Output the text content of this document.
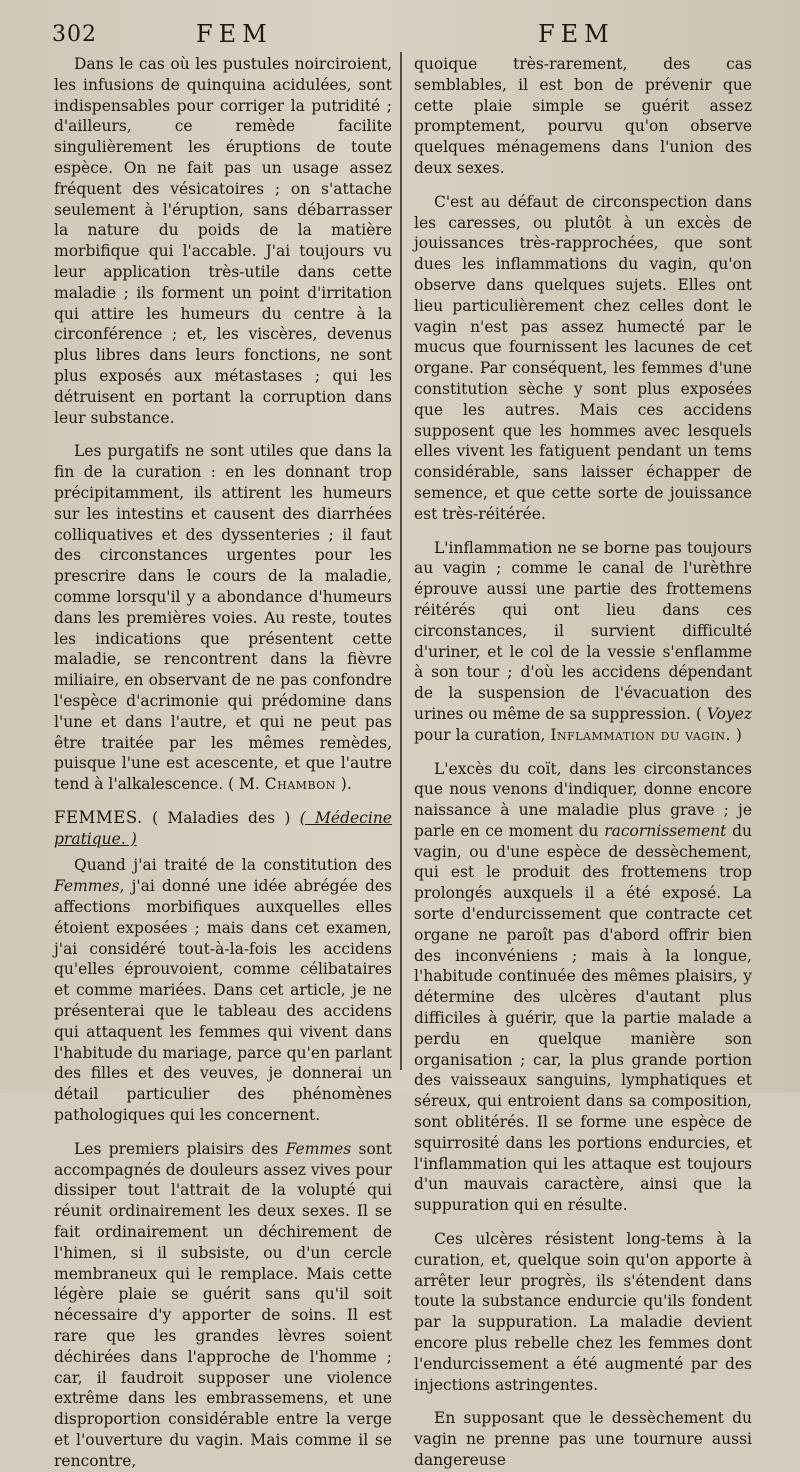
302	FEM	FEM

Dans le cas où les pustules noirciroient, les infusions de quinquina acidulées, sont indispensables pour corriger la putridité ; d'ailleurs, ce remède facilite singulièrement les éruptions de toute espèce. On ne fait pas un usage assez fréquent des vésicatoires ; on s'attache seulement à l'éruption, sans débarrasser la nature du poids de la matière morbifique qui l'accable. J'ai toujours vu leur application très-utile dans cette maladie ; ils forment un point d'irritation qui attire les humeurs du centre à la circonférence ; et, les viscères, devenus plus libres dans leurs fonctions, ne sont plus exposés aux métastases ; qui les détruisent en portant la corruption dans leur substance.

Les purgatifs ne sont utiles que dans la fin de la curation : en les donnant trop précipitamment, ils attirent les humeurs sur les intestins et causent des diarrhées colliquatives et des dyssenteries ; il faut des circonstances urgentes pour les prescrire dans le cours de la maladie, comme lorsqu'il y a abondance d'humeurs dans les premières voies. Au reste, toutes les indications que présentent cette maladie, se rencontrent dans la fièvre miliaire, en observant de ne pas confondre l'espèce d'acrimonie qui prédomine dans l'une et dans l'autre, et qui ne peut pas être traitée par les mêmes remèdes, puisque l'une est acescente, et que l'autre tend à l'alkalescence. ( M. Chambon ).

FEMMES. ( Maladies des ) ( Médecine pratique. )

Quand j'ai traité de la constitution des Femmes, j'ai donné une idée abrégée des affections morbifiques auxquelles elles étoient exposées ; mais dans cet examen, j'ai considéré tout-à-la-fois les accidens qu'elles éprouvoient, comme célibataires et comme mariées. Dans cet article, je ne présenterai que le tableau des accidens qui attaquent les femmes qui vivent dans l'habitude du mariage, parce qu'en parlant des filles et des veuves, je donnerai un détail particulier des phénomènes pathologiques qui les concernent.

Les premiers plaisirs des Femmes sont accompagnés de douleurs assez vives pour dissiper tout l'attrait de la volupté qui réunit ordinairement les deux sexes. Il se fait ordinairement un déchirement de l'himen, si il subsiste, ou d'un cercle membraneux qui le remplace. Mais cette légère plaie se guérit sans qu'il soit nécessaire d'y apporter de soins. Il est rare que les grandes lèvres soient déchirées dans l'approche de l'homme ; car, il faudroit supposer une violence extrême dans les embrassemens, et une disproportion considérable entre la verge et l'ouverture du vagin. Mais comme il se rencontre,

quoique très-rarement, des cas semblables, il est bon de prévenir que cette plaie simple se guérit assez promptement, pourvu qu'on observe quelques ménagemens dans l'union des deux sexes.

C'est au défaut de circonspection dans les caresses, ou plutôt à un excès de jouissances très-rapprochées, que sont dues les inflammations du vagin, qu'on observe dans quelques sujets. Elles ont lieu particulièrement chez celles dont le vagin n'est pas assez humecté par le mucus que fournissent les lacunes de cet organe. Par conséquent, les femmes d'une constitution sèche y sont plus exposées que les autres. Mais ces accidens supposent que les hommes avec lesquels elles vivent les fatiguent pendant un tems considérable, sans laisser échapper de semence, et que cette sorte de jouissance est très-réitérée.

L'inflammation ne se borne pas toujours au vagin ; comme le canal de l'urèthre éprouve aussi une partie des frottemens réitérés qui ont lieu dans ces circonstances, il survient difficulté d'uriner, et le col de la vessie s'enflamme à son tour ; d'où les accidens dépendant de la suspension de l'évacuation des urines ou même de sa suppression. ( Voyez pour la curation, Inflammation du vagin. )

L'excès du coït, dans les circonstances que nous venons d'indiquer, donne encore naissance à une maladie plus grave ; je parle en ce moment du racornissement du vagin, ou d'une espèce de dessèchement, qui est le produit des frottemens trop prolongés auxquels il a été exposé. La sorte d'endurcissement que contracte cet organe ne paroît pas d'abord offrir bien des inconvéniens ; mais à la longue, l'habitude continuée des mêmes plaisirs, y détermine des ulcères d'autant plus difficiles à guérir, que la partie malade a perdu en quelque manière son organisation ; car, la plus grande portion des vaisseaux sanguins, lymphatiques et séreux, qui entroient dans sa composition, sont oblitérés. Il se forme une espèce de squirrosité dans les portions endurcies, et l'inflammation qui les attaque est toujours d'un mauvais caractère, ainsi que la suppuration qui en résulte.

Ces ulcères résistent long-tems à la curation, et, quelque soin qu'on apporte à arrêter leur progrès, ils s'étendent dans toute la substance endurcie qu'ils fondent par la suppuration. La maladie devient encore plus rebelle chez les femmes dont l'endurcissement a été augmenté par des injections astringentes.

En supposant que le dessèchement du vagin ne prenne pas une tournure aussi dangereuse
